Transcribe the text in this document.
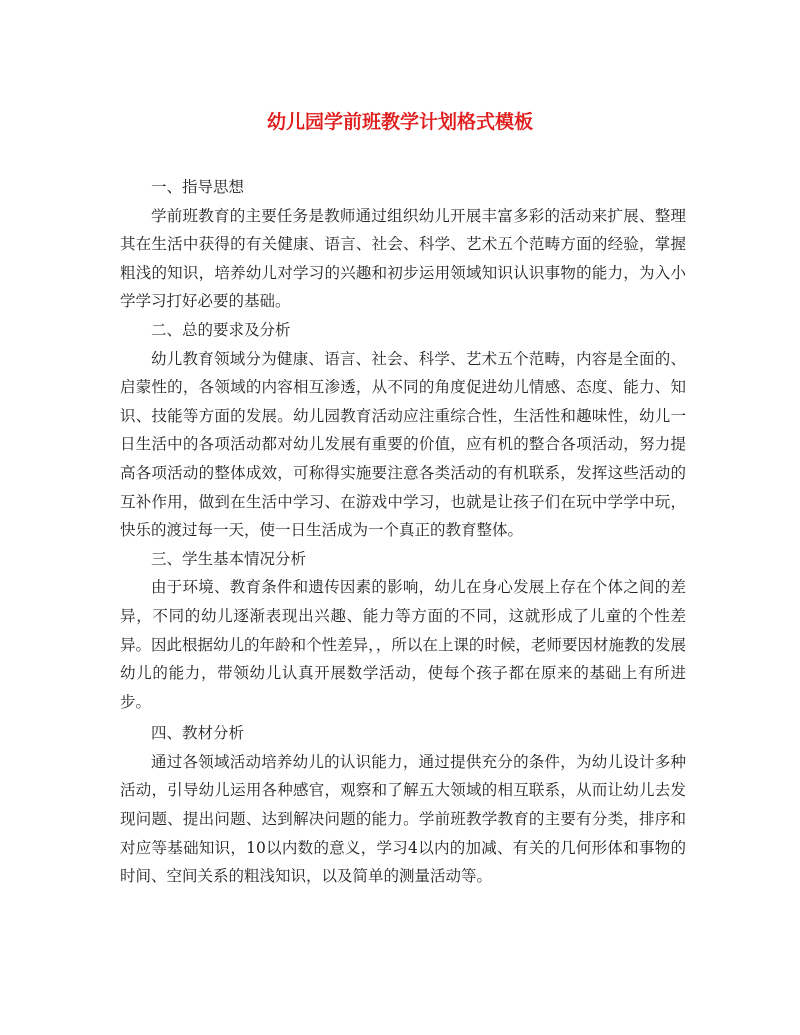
幼儿园学前班教学计划格式模板
一、指导思想

学前班教育的主要任务是教师通过组织幼儿开展丰富多彩的活动来扩展、整理其在生活中获得的有关健康、语言、社会、科学、艺术五个范畴方面的经验，掌握粗浅的知识，培养幼儿对学习的兴趣和初步运用领域知识认识事物的能力，为入小学学习打好必要的基础。

二、总的要求及分析

幼儿教育领域分为健康、语言、社会、科学、艺术五个范畴，内容是全面的、启蒙性的，各领域的内容相互渗透，从不同的角度促进幼儿情感、态度、能力、知识、技能等方面的发展。幼儿园教育活动应注重综合性，生活性和趣味性，幼儿一日生活中的各项活动都对幼儿发展有重要的价值，应有机的整合各项活动，努力提高各项活动的整体成效，可称得实施要注意各类活动的有机联系，发挥这些活动的互补作用，做到在生活中学习、在游戏中学习，也就是让孩子们在玩中学学中玩，快乐的渡过每一天，使一日生活成为一个真正的教育整体。

三、学生基本情况分析

由于环境、教育条件和遗传因素的影响，幼儿在身心发展上存在个体之间的差异，不同的幼儿逐渐表现出兴趣、能力等方面的不同，这就形成了儿童的个性差异。因此根据幼儿的年龄和个性差异，，所以在上课的时候，老师要因材施教的发展幼儿的能力，带领幼儿认真开展数学活动，使每个孩子都在原来的基础上有所进步。

四、教材分析

通过各领域活动培养幼儿的认识能力，通过提供充分的条件，为幼儿设计多种活动，引导幼儿运用各种感官，观察和了解五大领域的相互联系，从而让幼儿去发现问题、提出问题、达到解决问题的能力。学前班教学教育的主要有分类，排序和对应等基础知识，10以内数的意义，学习4以内的加减、有关的几何形体和事物的时间、空间关系的粗浅知识，以及简单的测量活动等。
